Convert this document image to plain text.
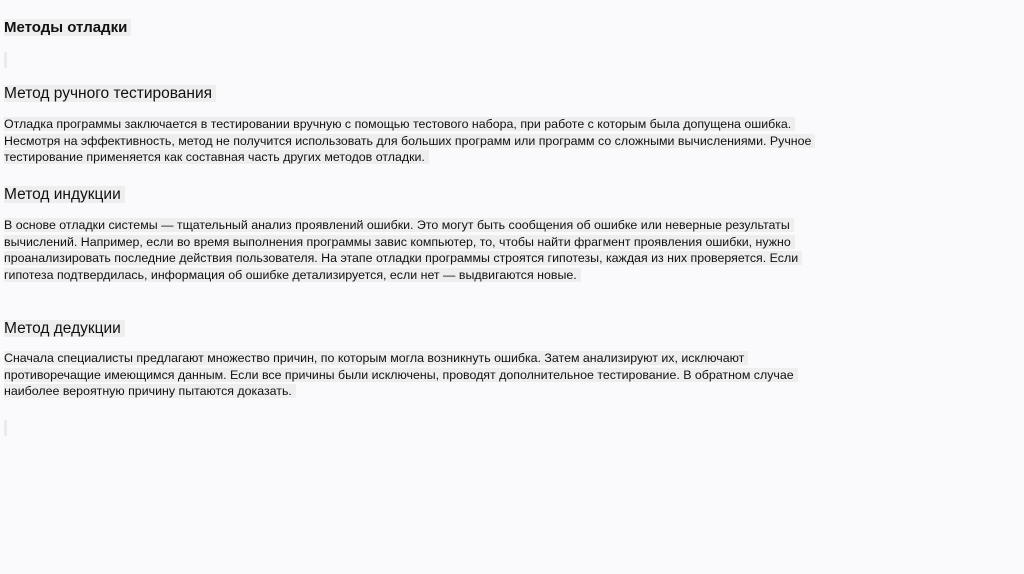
Методы отладки
Метод ручного тестирования

Отладка программы заключается в тестировании вручную с помощью тестового набора, при работе с которым была допущена ошибка. Несмотря на эффективность, метод не получится использовать для больших программ или программ со сложными вычислениями. Ручное тестирование применяется как составная часть других методов отладки.

Метод индукции

В основе отладки системы — тщательный анализ проявлений ошибки. Это могут быть сообщения об ошибке или неверные результаты вычислений. Например, если во время выполнения программы завис компьютер, то, чтобы найти фрагмент проявления ошибки, нужно проанализировать последние действия пользователя. На этапе отладки программы строятся гипотезы, каждая из них проверяется. Если гипотеза подтвердилась, информация об ошибке детализируется, если нет — выдвигаются новые.

Метод дедукции

Сначала специалисты предлагают множество причин, по которым могла возникнуть ошибка. Затем анализируют их, исключают противоречащие имеющимся данным. Если все причины были исключены, проводят дополнительное тестирование. В обратном случае наиболее вероятную причину пытаются доказать.
